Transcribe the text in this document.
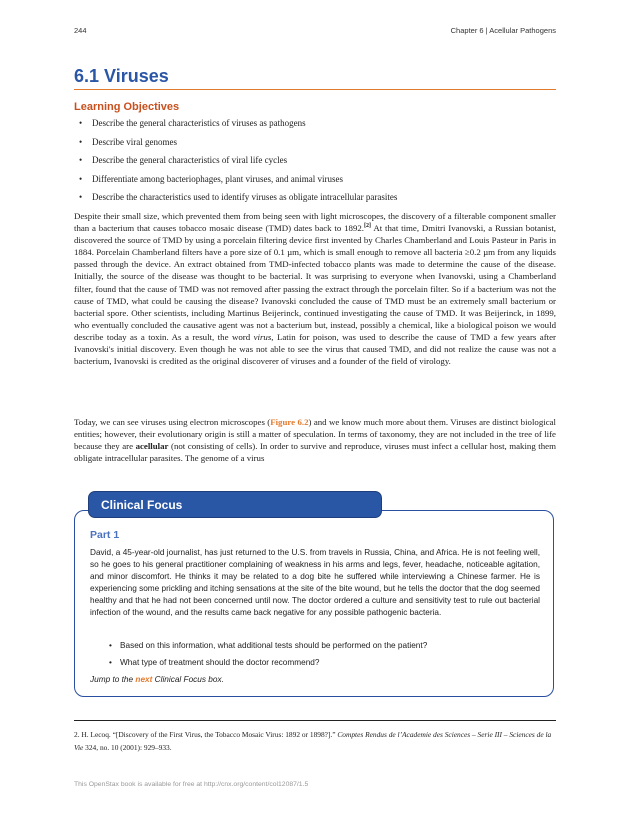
244	Chapter 6 | Acellular Pathogens
6.1 Viruses
Learning Objectives
• Describe the general characteristics of viruses as pathogens
• Describe viral genomes
• Describe the general characteristics of viral life cycles
• Differentiate among bacteriophages, plant viruses, and animal viruses
• Describe the characteristics used to identify viruses as obligate intracellular parasites

Despite their small size, which prevented them from being seen with light microscopes, the discovery of a filterable component smaller than a bacterium that causes tobacco mosaic disease (TMD) dates back to 1892.[2] At that time, Dmitri Ivanovski, a Russian botanist, discovered the source of TMD by using a porcelain filtering device first invented by Charles Chamberland and Louis Pasteur in Paris in 1884. Porcelain Chamberland filters have a pore size of 0.1 µm, which is small enough to remove all bacteria ≥0.2 µm from any liquids passed through the device. An extract obtained from TMD-infected tobacco plants was made to determine the cause of the disease. Initially, the source of the disease was thought to be bacterial. It was surprising to everyone when Ivanovski, using a Chamberland filter, found that the cause of TMD was not removed after passing the extract through the porcelain filter. So if a bacterium was not the cause of TMD, what could be causing the disease? Ivanovski concluded the cause of TMD must be an extremely small bacterium or bacterial spore. Other scientists, including Martinus Beijerinck, continued investigating the cause of TMD. It was Beijerinck, in 1899, who eventually concluded the causative agent was not a bacterium but, instead, possibly a chemical, like a biological poison we would describe today as a toxin. As a result, the word virus, Latin for poison, was used to describe the cause of TMD a few years after Ivanovski's initial discovery. Even though he was not able to see the virus that caused TMD, and did not realize the cause was not a bacterium, Ivanovski is credited as the original discoverer of viruses and a founder of the field of virology.

Today, we can see viruses using electron microscopes (Figure 6.2) and we know much more about them. Viruses are distinct biological entities; however, their evolutionary origin is still a matter of speculation. In terms of taxonomy, they are not included in the tree of life because they are acellular (not consisting of cells). In order to survive and reproduce, viruses must infect a cellular host, making them obligate intracellular parasites. The genome of a virus

Clinical Focus
Part 1

David, a 45-year-old journalist, has just returned to the U.S. from travels in Russia, China, and Africa. He is not feeling well, so he goes to his general practitioner complaining of weakness in his arms and legs, fever, headache, noticeable agitation, and minor discomfort. He thinks it may be related to a dog bite he suffered while interviewing a Chinese farmer. He is experiencing some prickling and itching sensations at the site of the bite wound, but he tells the doctor that the dog seemed healthy and that he had not been concerned until now. The doctor ordered a culture and sensitivity test to rule out bacterial infection of the wound, and the results came back negative for any possible pathogenic bacteria.

• Based on this information, what additional tests should be performed on the patient?
• What type of treatment should the doctor recommend?

Jump to the next Clinical Focus box.

2. H. Lecoq. “[Discovery of the First Virus, the Tobacco Mosaic Virus: 1892 or 1898?].” Comptes Rendus de l’Academie des Sciences – Serie III – Sciences de la Vie 324, no. 10 (2001): 929–933.

This OpenStax book is available for free at http://cnx.org/content/col12087/1.5
